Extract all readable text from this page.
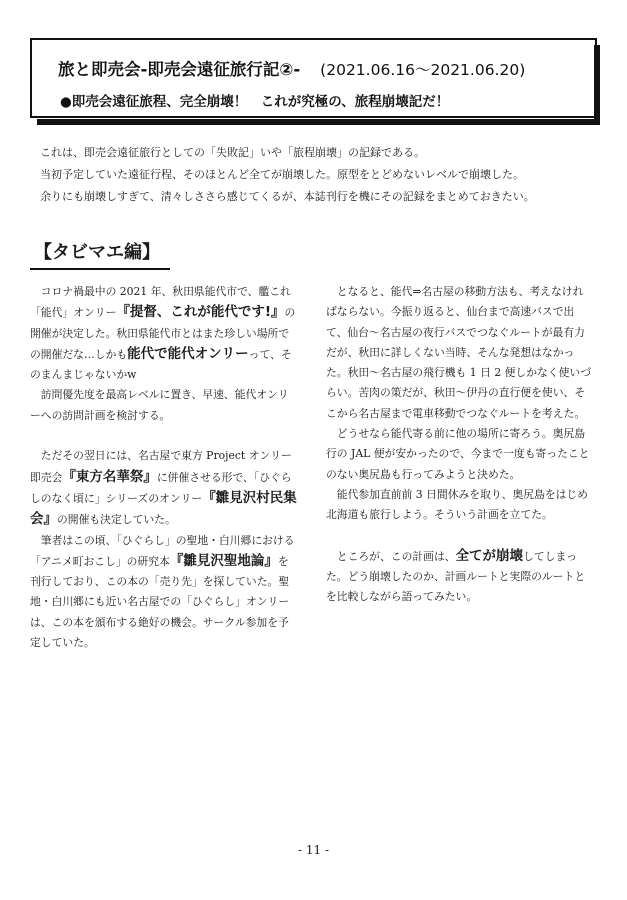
旅と即売会-即売会遠征旅行記②- (2021.06.16～2021.06.20)
●即売会遠征旅程、完全崩壊！　これが究極の、旅程崩壊記だ！

これは、即売会遠征旅行としての「失敗記」いや「旅程崩壊」の記録である。

当初予定していた遠征行程、そのほとんど全てが崩壊した。原型をとどめないレベルで崩壊した。

余りにも崩壊しすぎて、清々しささら感じてくるが、本誌刊行を機にその記録をまとめておきたい。

【タビマエ編】

コロナ禍最中の 2021 年、秋田県能代市で、艦これ「能代」オンリー『提督、これが能代です!』の開催が決定した。秋田県能代市とはまた珍しい場所での開催だな…しかも能代で能代オンリーって、そのまんまじゃないかw

訪問優先度を最高レベルに置き、早速、能代オンリーへの訪問計画を検討する。

ただその翌日には、名古屋で東方 Project オンリー即売会『東方名華祭』に併催させる形で、「ひぐらしのなく頃に」シリーズのオンリー『雛見沢村民集会』の開催も決定していた。

筆者はこの頃、「ひぐらし」の聖地・白川郷における「アニメ町おこし」の研究本『雛見沢聖地論』を刊行しており、この本の「売り先」を探していた。聖地・白川郷にも近い名古屋での「ひぐらし」オンリーは、この本を頒布する絶好の機会。サークル参加を予定していた。

となると、能代⇒名古屋の移動方法も、考えなければならない。今振り返ると、仙台まで高速バスで出て、仙台～名古屋の夜行バスでつなぐルートが最有力だが、秋田に詳しくない当時、そんな発想はなかった。秋田～名古屋の飛行機も 1 日 2 便しかなく使いづらい。苦肉の策だが、秋田～伊丹の直行便を使い、そこから名古屋まで電車移動でつなぐルートを考えた。

どうせなら能代寄る前に他の場所に寄ろう。奥尻島行の JAL 便が安かったので、今まで一度も寄ったことのない奥尻島も行ってみようと決めた。

能代参加直前前 3 日間休みを取り、奥尻島をはじめ北海道も旅行しよう。そういう計画を立てた。

ところが、この計画は、全てが崩壊してしまった。どう崩壊したのか、計画ルートと実際のルートとを比較しながら語ってみたい。

- 11 -
